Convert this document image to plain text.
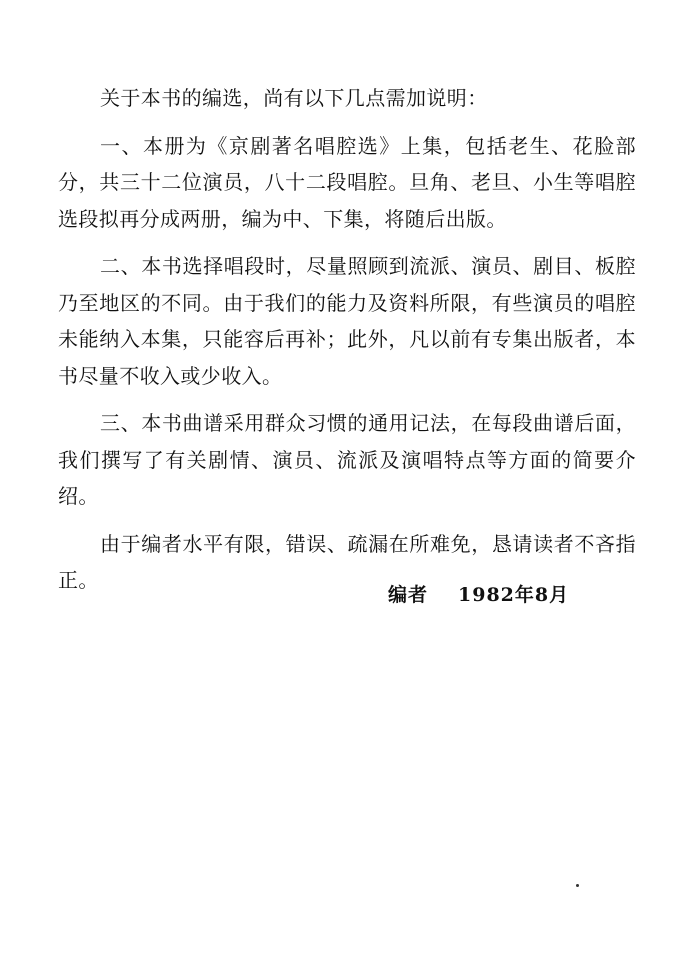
关于本书的编选，尚有以下几点需加说明：

一、本册为《京剧著名唱腔选》上集，包括老生、花脸部分，共三十二位演员，八十二段唱腔。旦角、老旦、小生等唱腔选段拟再分成两册，编为中、下集，将随后出版。

二、本书选择唱段时，尽量照顾到流派、演员、剧目、板腔乃至地区的不同。由于我们的能力及资料所限，有些演员的唱腔未能纳入本集，只能容后再补；此外，凡以前有专集出版者，本书尽量不收入或少收入。

三、本书曲谱采用群众习惯的通用记法，在每段曲谱后面，我们撰写了有关剧情、演员、流派及演唱特点等方面的简要介绍。

由于编者水平有限，错误、疏漏在所难免，恳请读者不吝指正。

编者 1982年8月
